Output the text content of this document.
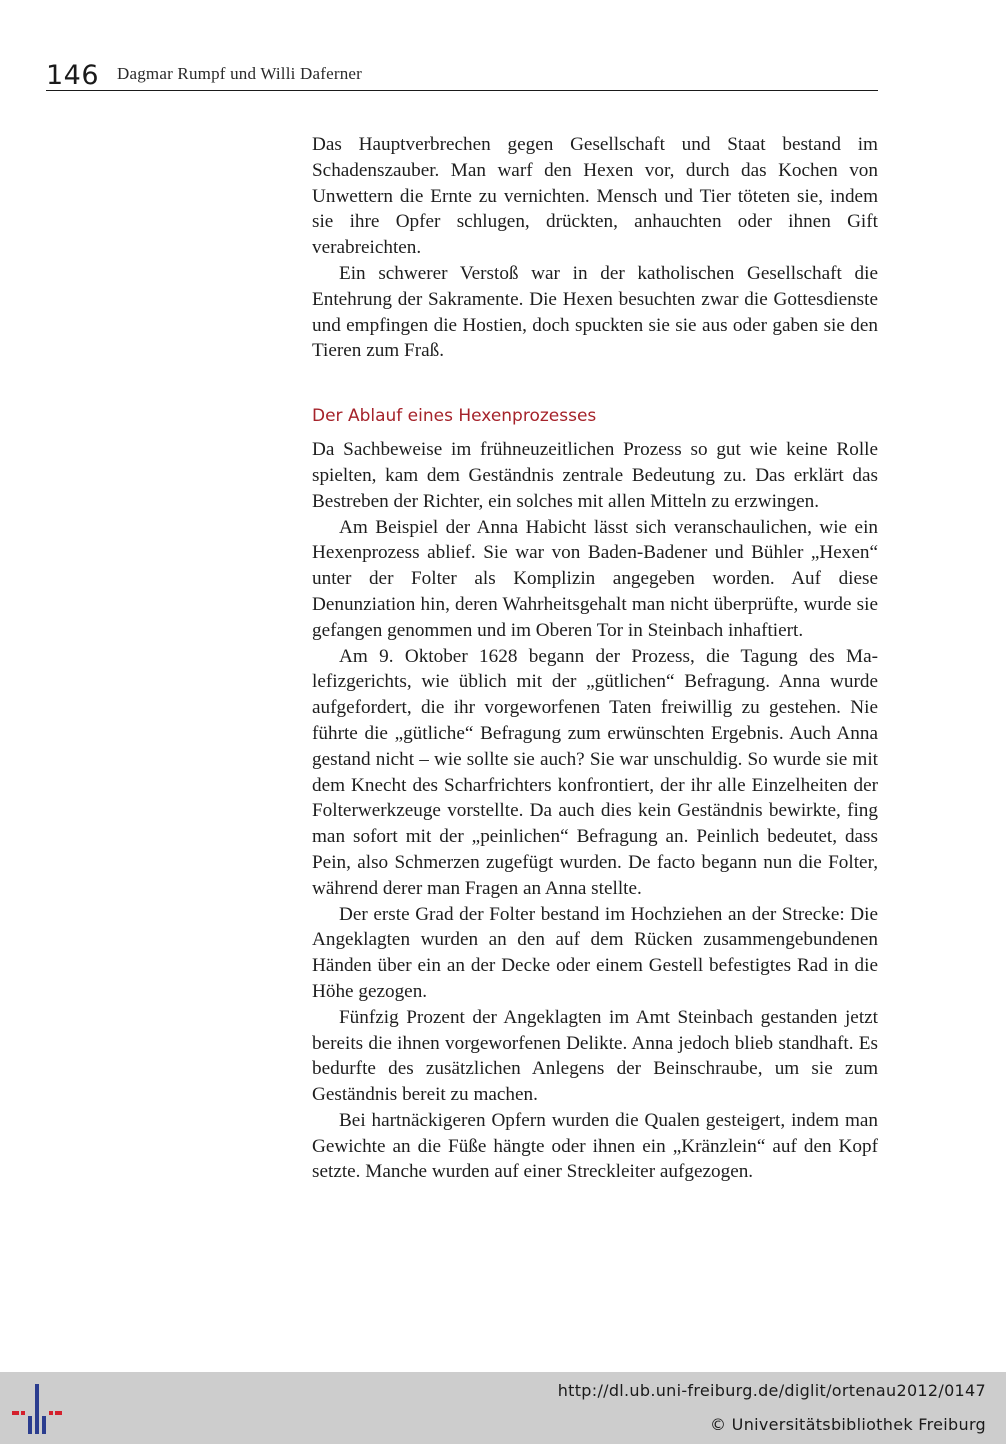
146 Dagmar Rumpf und Willi Daferner

Das Hauptverbrechen gegen Gesellschaft und Staat bestand im Schadenszauber. Man warf den Hexen vor, durch das Kochen von Unwettern die Ernte zu vernichten. Mensch und Tier töteten sie, indem sie ihre Opfer schlugen, drückten, anhauchten oder ihnen Gift verabreichten.

Ein schwerer Verstoß war in der katholischen Gesellschaft die Entehrung der Sakramente. Die Hexen besuchten zwar die Gottesdienste und empfingen die Hostien, doch spuckten sie sie aus oder gaben sie den Tieren zum Fraß.

Der Ablauf eines Hexenprozesses

Da Sachbeweise im frühneuzeitlichen Prozess so gut wie keine Rolle spielten, kam dem Geständnis zentrale Bedeutung zu. Das erklärt das Bestreben der Richter, ein solches mit allen Mitteln zu erzwingen.

Am Beispiel der Anna Habicht lässt sich veranschaulichen, wie ein Hexenprozess ablief. Sie war von Baden-Badener und Bühler „Hexen“ unter der Folter als Komplizin angegeben worden. Auf diese Denunziation hin, deren Wahrheitsgehalt man nicht überprüfte, wurde sie gefangen genommen und im Oberen Tor in Steinbach inhaftiert.

Am 9. Oktober 1628 begann der Prozess, die Tagung des Malefizgerichts, wie üblich mit der „gütlichen“ Befragung. Anna wurde aufgefordert, die ihr vorgeworfenen Taten freiwillig zu gestehen. Nie führte die „gütliche“ Befragung zum erwünschten Ergebnis. Auch Anna gestand nicht – wie sollte sie auch? Sie war unschuldig. So wurde sie mit dem Knecht des Scharfrichters konfrontiert, der ihr alle Einzelheiten der Folterwerkzeuge vorstellte. Da auch dies kein Geständnis bewirkte, fing man sofort mit der „peinlichen“ Befragung an. Peinlich bedeutet, dass Pein, also Schmerzen zugefügt wurden. De facto begann nun die Folter, während derer man Fragen an Anna stellte.

Der erste Grad der Folter bestand im Hochziehen an der Strecke: Die Angeklagten wurden an den auf dem Rücken zusammengebundenen Händen über ein an der Decke oder einem Gestell befestigtes Rad in die Höhe gezogen.

Fünfzig Prozent der Angeklagten im Amt Steinbach gestanden jetzt bereits die ihnen vorgeworfenen Delikte. Anna jedoch blieb standhaft. Es bedurfte des zusätzlichen Anlegens der Beinschraube, um sie zum Geständnis bereit zu machen.

Bei hartnäckigeren Opfern wurden die Qualen gesteigert, indem man Gewichte an die Füße hängte oder ihnen ein „Kränzlein“ auf den Kopf setzte. Manche wurden auf einer Streckleiter aufgezogen.

http://dl.ub.uni-freiburg.de/diglit/ortenau2012/0147
© Universitätsbibliothek Freiburg
